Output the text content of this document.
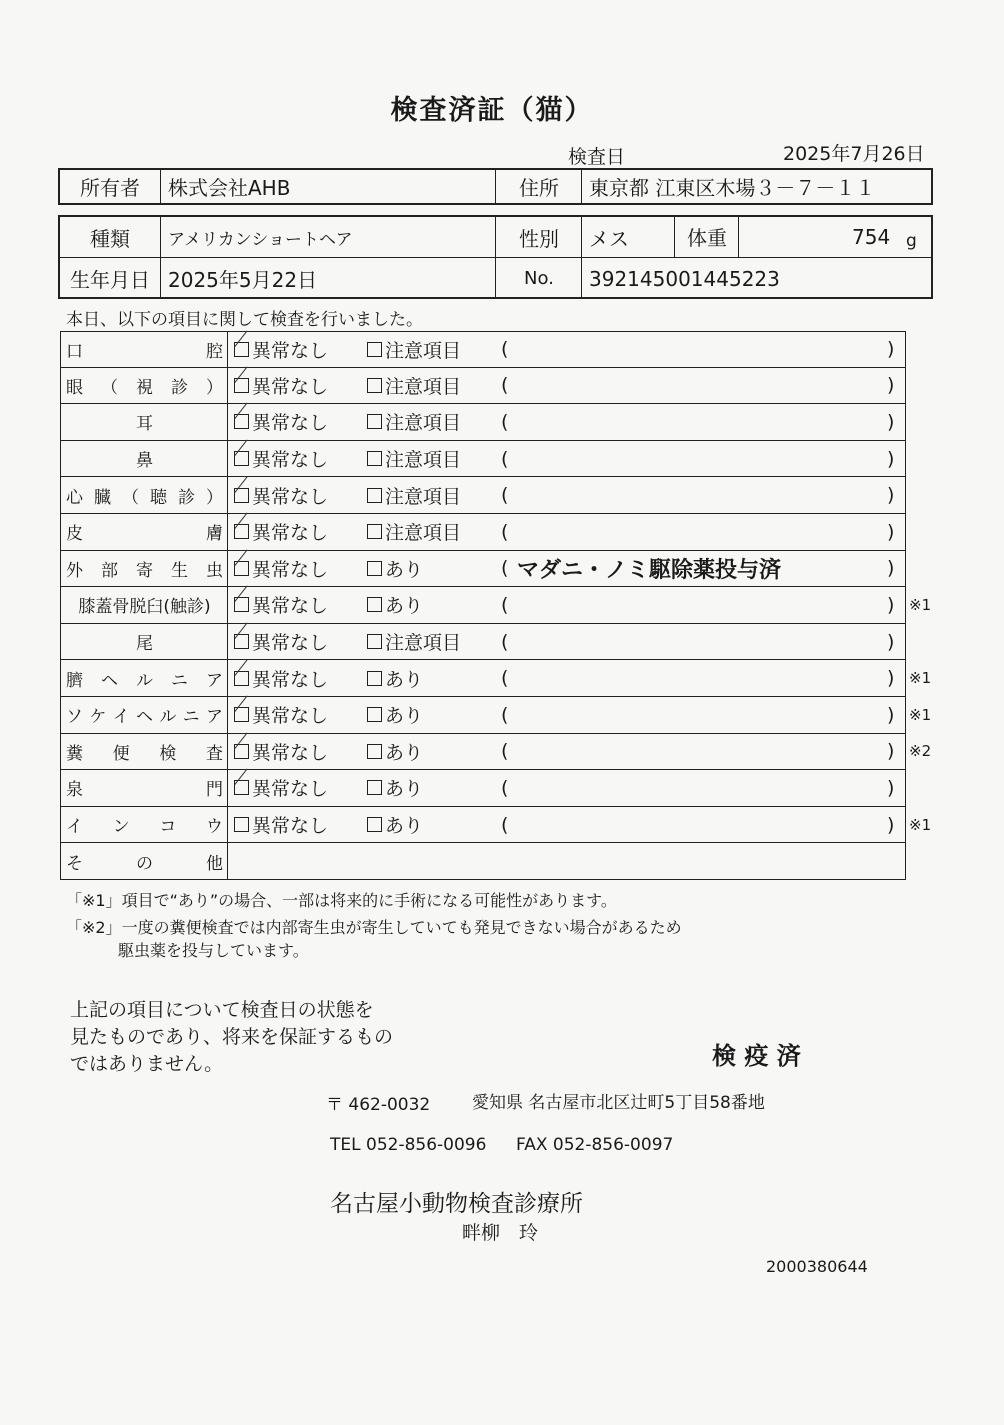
検査済証（猫）
検査日	2025年7月26日
所有者	株式会社AHB	住所	東京都 江東区木場３－７－１１
種類	アメリカンショートヘア	性別	メス	体重	754 g
生年月日 2025年5月22日	No.	392145001445223
本日、以下の項目に関して検査を行いました。
口	腔 異常なし	注意項目 (	)
眼 （ 視 診 ） 異常なし	注意項目 (	)
耳	異常なし	注意項目 (	)
鼻	異常なし	注意項目 (	)
心 臓 （ 聴 診 ） 異常なし	注意項目 (	)
皮	膚 異常なし	注意項目 (	)
外 部 寄 生 虫 異常なし	あり	( マダニ・ノミ駆除薬投与済	)
膝蓋骨脱臼(触診) 異常なし	あり	(	) ※1
尾	異常なし	注意項目 (	)
臍 ヘ ル ニ ア 異常なし	あり	(	) ※1
ソ ケ イ ヘ ル ニ ア 異常なし	あり	(	) ※1
糞 便 検 査 異常なし	あり	(	) ※2
泉	門 異常なし	あり	(	)
イ ン コ ウ 異常なし	あり	(	) ※1
そ	の	他
「※1」項目で“あり”の場合、一部は将来的に手術になる可能性があります。
「※2」一度の糞便検査では内部寄生虫が寄生していても発見できない場合があるため
駆虫薬を投与しています。
上記の項目について検査日の状態を
見たものであり、将来を保証するもの
ではありません。	検 疫 済
〒 462-0032 愛知県 名古屋市北区辻町5丁目58番地
TEL 052-856-0096 FAX 052-856-0097
名古屋小動物検査診療所
畔柳　玲
2000380644
